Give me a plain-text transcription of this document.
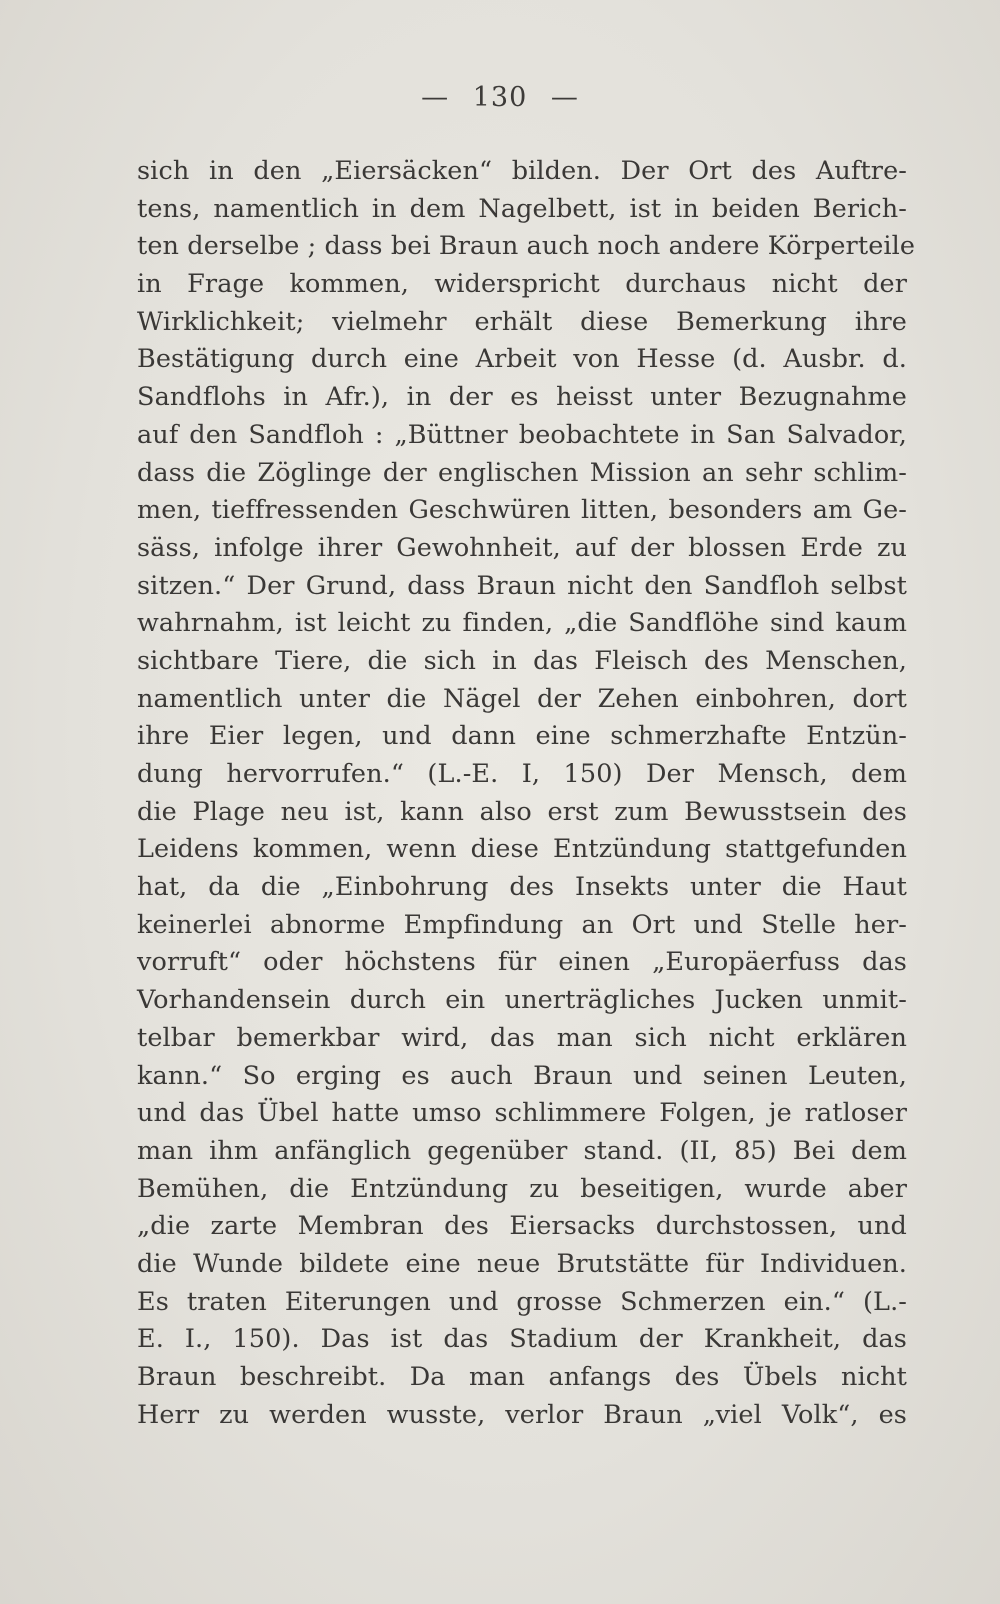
— 130 —
sich in den „Eiersäcken“ bilden. Der Ort des Auftre-
tens, namentlich in dem Nagelbett, ist in beiden Berich-
ten derselbe ; dass bei Braun auch noch andere Körperteile
in Frage kommen, widerspricht durchaus nicht der
Wirklichkeit; vielmehr erhält diese Bemerkung ihre
Bestätigung durch eine Arbeit von Hesse (d. Ausbr. d.
Sandflohs in Afr.), in der es heisst unter Bezugnahme
auf den Sandfloh : „Büttner beobachtete in San Salvador,
dass die Zöglinge der englischen Mission an sehr schlim-
men, tieffressenden Geschwüren litten, besonders am Ge-
säss, infolge ihrer Gewohnheit, auf der blossen Erde zu
sitzen.“ Der Grund, dass Braun nicht den Sandfloh selbst
wahrnahm, ist leicht zu finden, „die Sandflöhe sind kaum
sichtbare Tiere, die sich in das Fleisch des Menschen,
namentlich unter die Nägel der Zehen einbohren, dort
ihre Eier legen, und dann eine schmerzhafte Entzün-
dung hervorrufen.“ (L.-E. I, 150) Der Mensch, dem
die Plage neu ist, kann also erst zum Bewusstsein des
Leidens kommen, wenn diese Entzündung stattgefunden
hat, da die „Einbohrung des Insekts unter die Haut
keinerlei abnorme Empfindung an Ort und Stelle her-
vorruft“ oder höchstens für einen „Europäerfuss das
Vorhandensein durch ein unerträgliches Jucken unmit-
telbar bemerkbar wird, das man sich nicht erklären
kann.“ So erging es auch Braun und seinen Leuten,
und das Übel hatte umso schlimmere Folgen, je ratloser
man ihm anfänglich gegenüber stand. (II, 85) Bei dem
Bemühen, die Entzündung zu beseitigen, wurde aber
„die zarte Membran des Eiersacks durchstossen, und
die Wunde bildete eine neue Brutstätte für Individuen.
Es traten Eiterungen und grosse Schmerzen ein.“ (L.-
E. I., 150). Das ist das Stadium der Krankheit, das
Braun beschreibt. Da man anfangs des Übels nicht
Herr zu werden wusste, verlor Braun „viel Volk“, es
